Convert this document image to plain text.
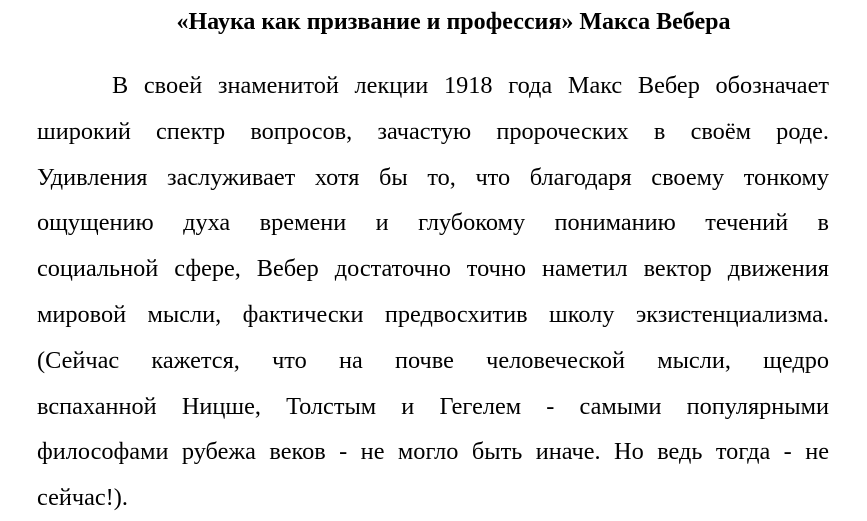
«Наука как призвание и профессия» Макса Вебера
В своей знаменитой лекции 1918 года Макс Вебер обозначает
широкий спектр вопросов, зачастую пророческих в своём роде.
Удивления заслуживает хотя бы то, что благодаря своему тонкому
ощущению духа времени и глубокому пониманию течений в
социальной сфере, Вебер достаточно точно наметил вектор движения
мировой мысли, фактически предвосхитив школу экзистенциализма.
(Сейчас кажется, что на почве человеческой мысли, щедро
вспаханной Ницше, Толстым и Гегелем - самыми популярными
философами рубежа веков - не могло быть иначе. Но ведь тогда - не
сейчас!).
